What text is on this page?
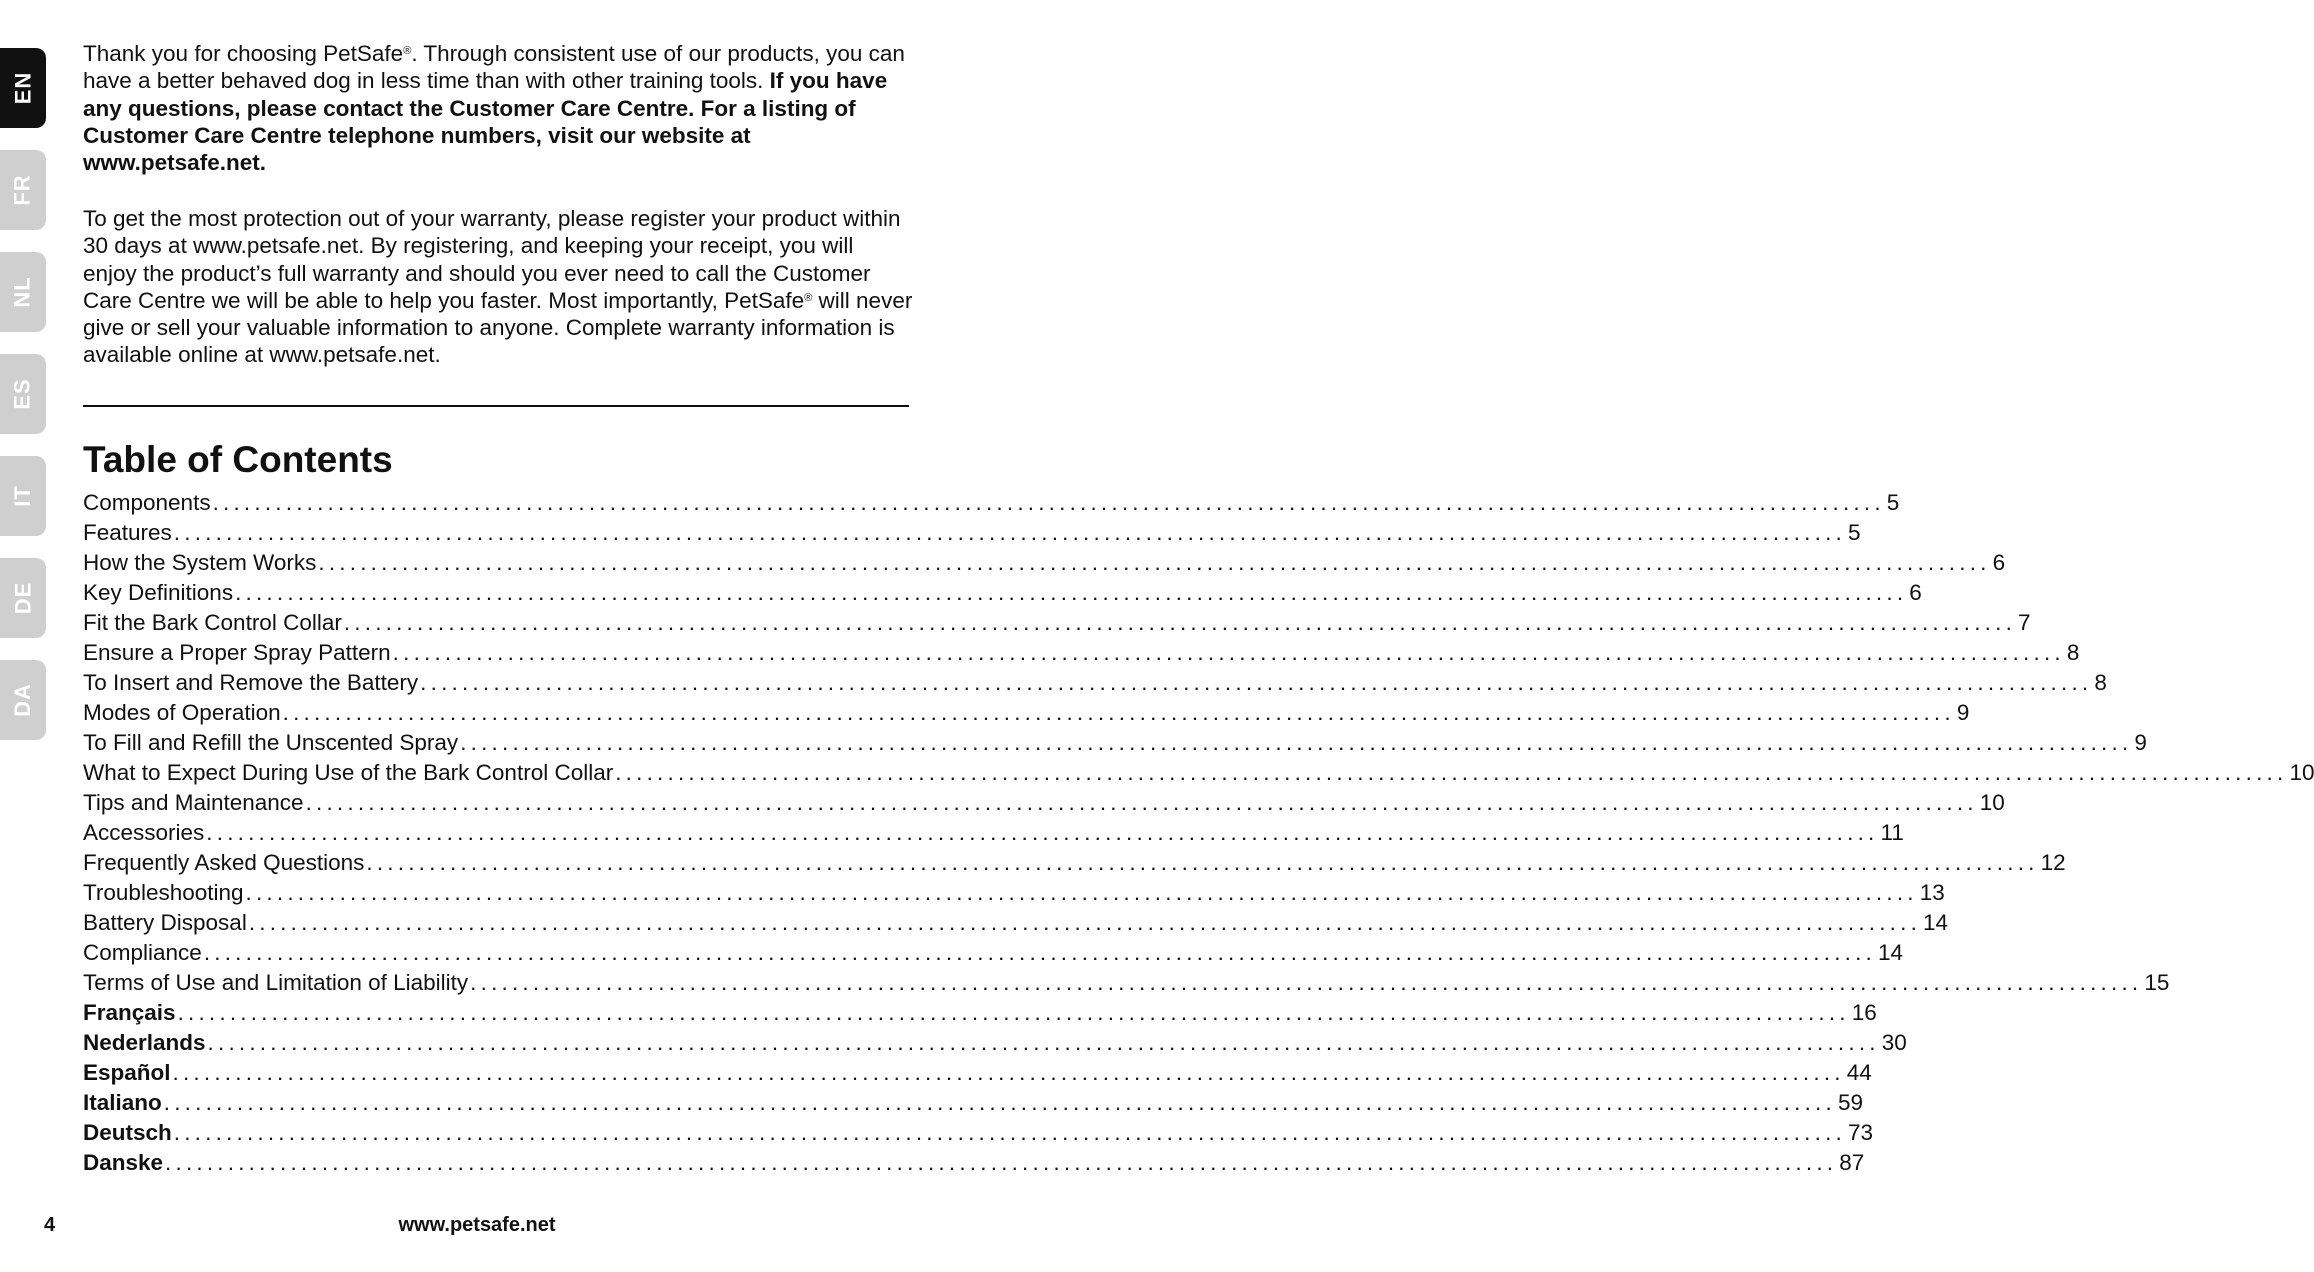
EN
FR
NL
ES
IT
DE
DA

Thank you for choosing PetSafe®. Through consistent use of our products, you can have a better behaved dog in less time than with other training tools. If you have any questions, please contact the Customer Care Centre. For a listing of Customer Care Centre telephone numbers, visit our website at www.petsafe.net.

To get the most protection out of your warranty, please register your product within 30 days at www.petsafe.net. By registering, and keeping your receipt, you will enjoy the product’s full warranty and should you ever need to call the Customer Care Centre we will be able to help you faster. Most importantly, PetSafe® will never give or sell your valuable information to anyone. Complete warranty information is available online at www.petsafe.net.

Table of Contents
Components ................................................................................................................................................................ 5
Features ................................................................................................................................................................ 5
How the System Works ................................................................................................................................................................ 6
Key Definitions ................................................................................................................................................................ 6
Fit the Bark Control Collar ................................................................................................................................................................ 7
Ensure a Proper Spray Pattern ................................................................................................................................................................ 8
To Insert and Remove the Battery ................................................................................................................................................................ 8
Modes of Operation ................................................................................................................................................................ 9
To Fill and Refill the Unscented Spray ................................................................................................................................................................ 9
What to Expect During Use of the Bark Control Collar ................................................................................................................................................................ 10
Tips and Maintenance ................................................................................................................................................................ 10
Accessories ................................................................................................................................................................ 11
Frequently Asked Questions ................................................................................................................................................................ 12
Troubleshooting ................................................................................................................................................................ 13
Battery Disposal ................................................................................................................................................................ 14
Compliance ................................................................................................................................................................ 14
Terms of Use and Limitation of Liability ................................................................................................................................................................ 15
Français ................................................................................................................................................................ 16
Nederlands ................................................................................................................................................................ 30
Español ................................................................................................................................................................ 44
Italiano ................................................................................................................................................................ 59
Deutsch ................................................................................................................................................................ 73
Danske ................................................................................................................................................................ 87
4	www.petsafe.net
